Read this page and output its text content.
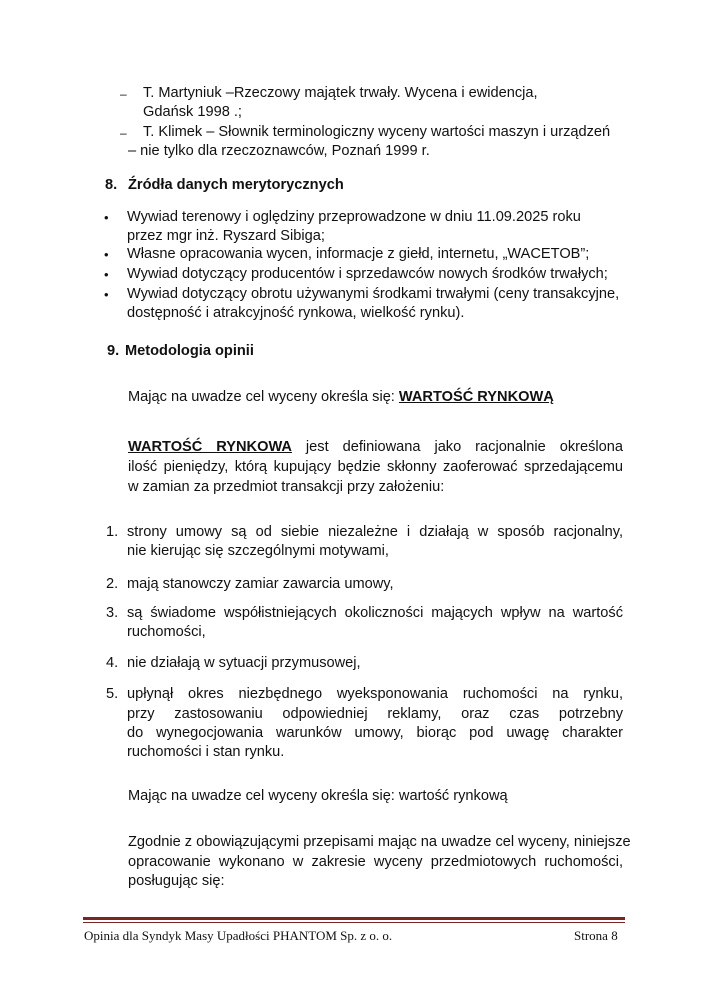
– T. Martyniuk –Rzeczowy majątek trwały. Wycena i ewidencja,
Gdańsk 1998 .;
– T. Klimek – Słownik terminologiczny wyceny wartości maszyn i urządzeń
– nie tylko dla rzeczoznawców, Poznań 1999 r.
8. Źródła danych merytorycznych
• Wywiad terenowy i oględziny przeprowadzone w dniu 11.09.2025 roku
przez mgr inż. Ryszard Sibiga;
• Własne opracowania wycen, informacje z giełd, internetu, „WACETOB”;
• Wywiad dotyczący producentów i sprzedawców nowych środków trwałych;
• Wywiad dotyczący obrotu używanymi środkami trwałymi (ceny transakcyjne,
dostępność i atrakcyjność rynkowa, wielkość rynku).
9. Metodologia opinii
Mając na uwadze cel wyceny określa się: WARTOŚĆ RYNKOWĄ
WARTOŚĆ RYNKOWA jest definiowana jako racjonalnie określona
ilość pieniędzy, którą kupujący będzie skłonny zaoferować sprzedającemu
w zamian za przedmiot transakcji przy założeniu:
1. strony umowy są od siebie niezależne i działają w sposób racjonalny,
nie kierując się szczególnymi motywami,
2. mają stanowczy zamiar zawarcia umowy,
3. są świadome współistniejących okoliczności mających wpływ na wartość
ruchomości,
4. nie działają w sytuacji przymusowej,
5. upłynął okres niezbędnego wyeksponowania ruchomości na rynku,
przy zastosowaniu odpowiedniej reklamy, oraz czas potrzebny
do wynegocjowania warunków umowy, biorąc pod uwagę charakter
ruchomości i stan rynku.
Mając na uwadze cel wyceny określa się: wartość rynkową
Zgodnie z obowiązującymi przepisami mając na uwadze cel wyceny, niniejsze
opracowanie wykonano w zakresie wyceny przedmiotowych ruchomości,
posługując się:
Opinia dla Syndyk Masy Upadłości PHANTOM Sp. z o. o.	Strona 8
